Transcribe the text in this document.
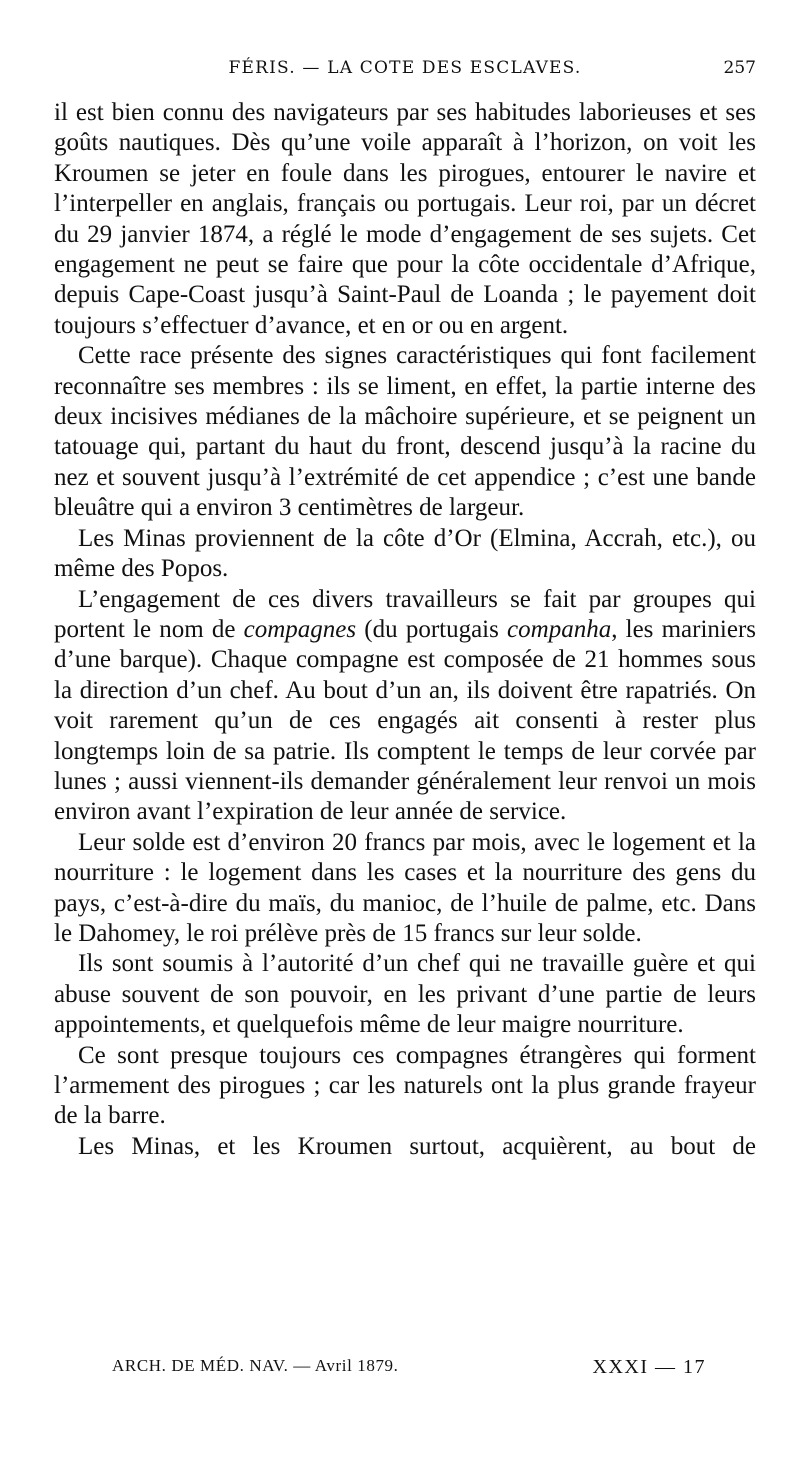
FÉRIS. — LA COTE DES ESCLAVES.	257

il est bien connu des navigateurs par ses habitudes laborieuses et ses goûts nautiques. Dès qu’une voile apparaît à l’horizon, on voit les Kroumen se jeter en foule dans les pirogues, entourer le navire et l’interpeller en anglais, français ou portugais. Leur roi, par un décret du 29 janvier 1874, a réglé le mode d’engagement de ses sujets. Cet engagement ne peut se faire que pour la côte occidentale d’Afrique, depuis Cape-Coast jusqu’à Saint-Paul de Loanda ; le payement doit toujours s’effectuer d’avance, et en or ou en argent.

Cette race présente des signes caractéristiques qui font facilement reconnaître ses membres : ils se liment, en effet, la partie interne des deux incisives médianes de la mâchoire supérieure, et se peignent un tatouage qui, partant du haut du front, descend jusqu’à la racine du nez et souvent jusqu’à l’extrémité de cet appendice ; c’est une bande bleuâtre qui a environ 3 centimètres de largeur.

Les Minas proviennent de la côte d’Or (Elmina, Accrah, etc.), ou même des Popos.

L’engagement de ces divers travailleurs se fait par groupes qui portent le nom de compagnes (du portugais companha, les mariniers d’une barque). Chaque compagne est composée de 21 hommes sous la direction d’un chef. Au bout d’un an, ils doivent être rapatriés. On voit rarement qu’un de ces engagés ait consenti à rester plus longtemps loin de sa patrie. Ils comptent le temps de leur corvée par lunes ; aussi viennent-ils demander généralement leur renvoi un mois environ avant l’expiration de leur année de service.

Leur solde est d’environ 20 francs par mois, avec le logement et la nourriture : le logement dans les cases et la nourriture des gens du pays, c’est-à-dire du maïs, du manioc, de l’huile de palme, etc. Dans le Dahomey, le roi prélève près de 15 francs sur leur solde.

Ils sont soumis à l’autorité d’un chef qui ne travaille guère et qui abuse souvent de son pouvoir, en les privant d’une partie de leurs appointements, et quelquefois même de leur maigre nourriture.

Ce sont presque toujours ces compagnes étrangères qui forment l’armement des pirogues ; car les naturels ont la plus grande frayeur de la barre.

Les Minas, et les Kroumen surtout, acquièrent, au bout de

ARCH. DE MÉD. NAV. — Avril 1879.	XXXI — 17
